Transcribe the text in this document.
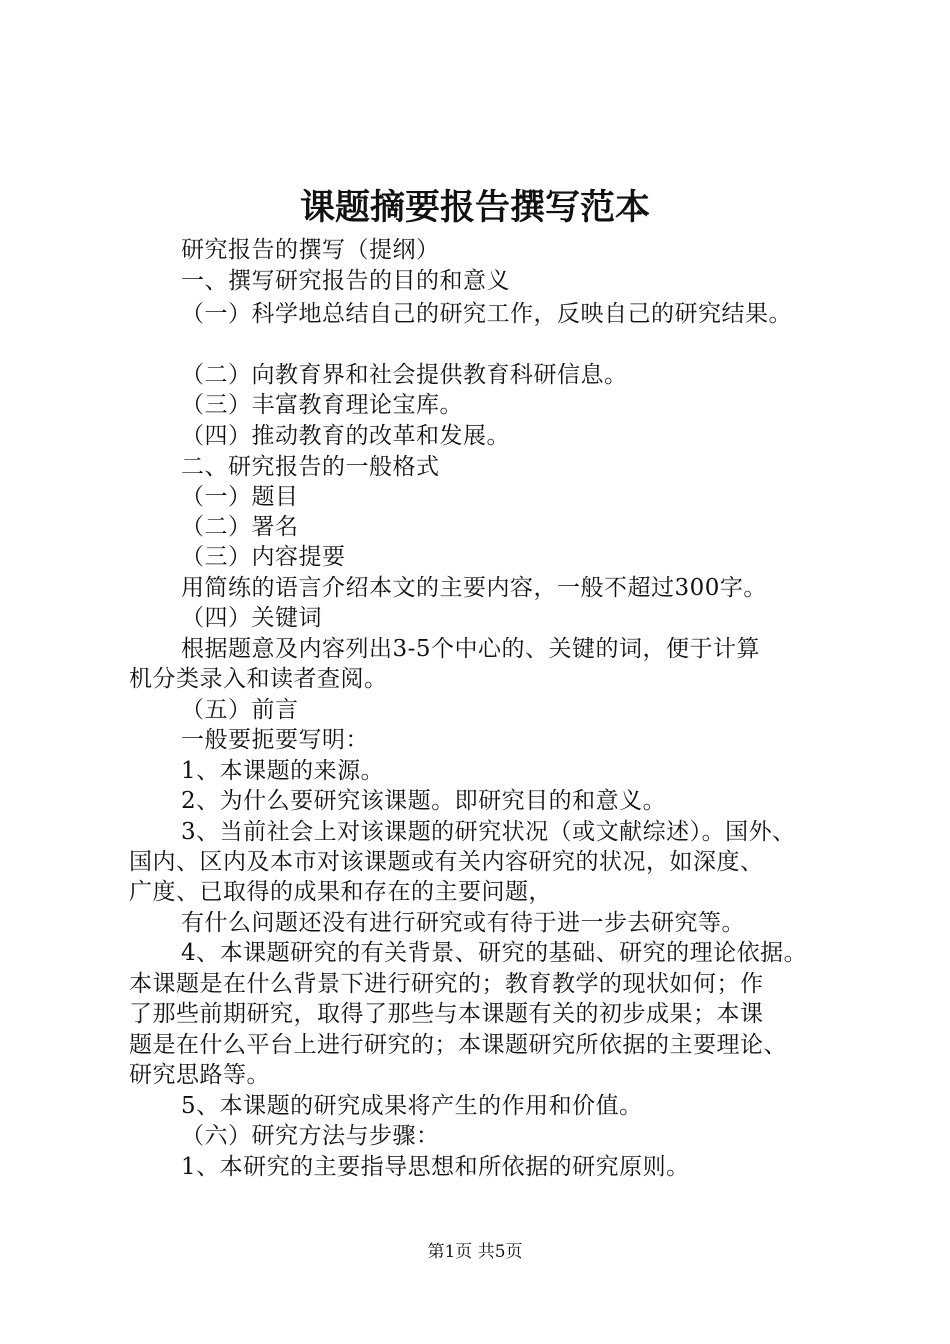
课题摘要报告撰写范本
研究报告的撰写（提纲）
一、撰写研究报告的目的和意义
（一）科学地总结自己的研究工作，反映自己的研究结果。
（二）向教育界和社会提供教育科研信息。
（三）丰富教育理论宝库。
（四）推动教育的改革和发展。
二、研究报告的一般格式
（一）题目
（二）署名
（三）内容提要
用简练的语言介绍本文的主要内容，一般不超过300字。
（四）关键词
根据题意及内容列出3-5个中心的、关键的词，便于计算
机分类录入和读者查阅。
（五）前言
一般要扼要写明：
1、本课题的来源。
2、为什么要研究该课题。即研究目的和意义。
3、当前社会上对该课题的研究状况（或文献综述）。国外、
国内、区内及本市对该课题或有关内容研究的状况，如深度、
广度、已取得的成果和存在的主要问题，
有什么问题还没有进行研究或有待于进一步去研究等。
4、本课题研究的有关背景、研究的基础、研究的理论依据。
本课题是在什么背景下进行研究的；教育教学的现状如何；作
了那些前期研究，取得了那些与本课题有关的初步成果；本课
题是在什么平台上进行研究的；本课题研究所依据的主要理论、
研究思路等。
5、本课题的研究成果将产生的作用和价值。
（六）研究方法与步骤：
1、本研究的主要指导思想和所依据的研究原则。
第1页 共5页
